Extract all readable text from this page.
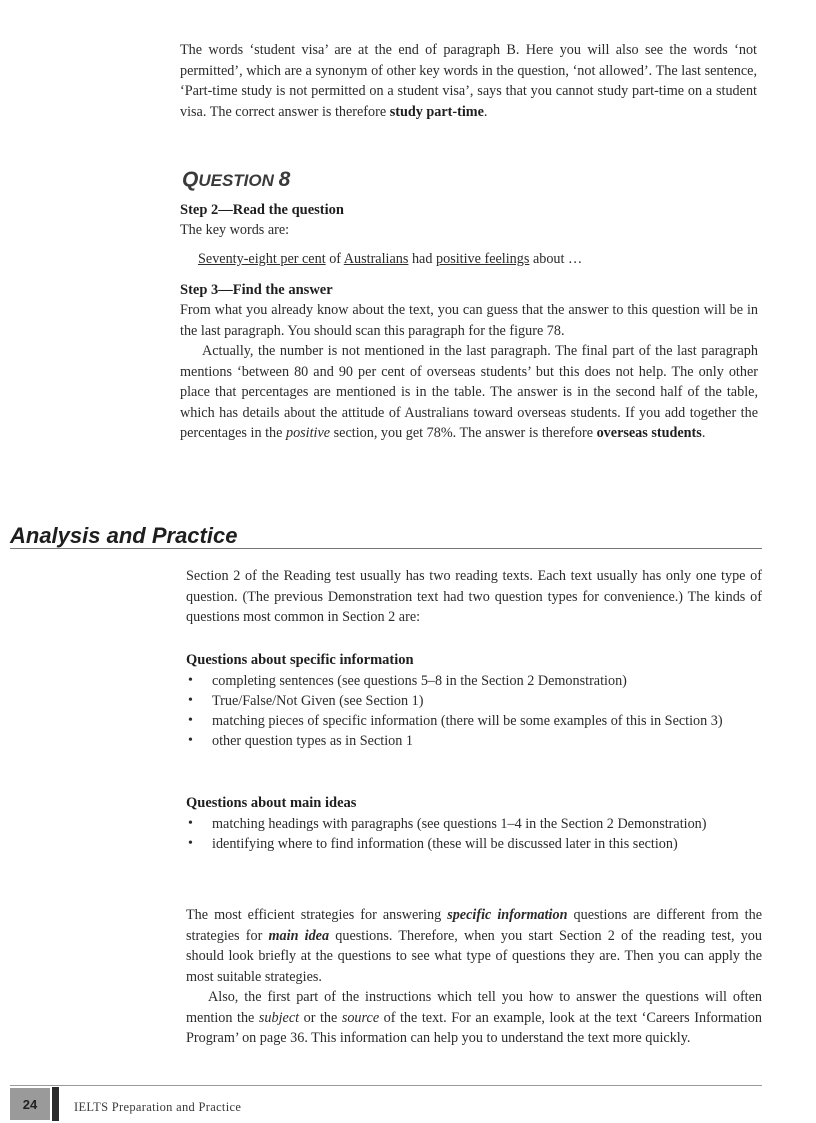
The words ‘student visa’ are at the end of paragraph B. Here you will also see the words ‘not permitted’, which are a synonym of other key words in the question, ‘not allowed’. The last sentence, ‘Part-time study is not permitted on a student visa’, says that you cannot study part-time on a student visa. The correct answer is therefore study part-time.

QUESTION 8

Step 2—Read the question

The key words are:

Seventy-eight per cent of Australians had positive feelings about …

Step 3—Find the answer

From what you already know about the text, you can guess that the answer to this question will be in the last paragraph. You should scan this paragraph for the figure 78.

Actually, the number is not mentioned in the last paragraph. The final part of the last paragraph mentions ‘between 80 and 90 per cent of overseas students’ but this does not help. The only other place that percentages are mentioned is in the table. The answer is in the second half of the table, which has details about the attitude of Australians toward overseas students. If you add together the percentages in the positive section, you get 78%. The answer is therefore overseas students.

Analysis and Practice

Section 2 of the Reading test usually has two reading texts. Each text usually has only one type of question. (The previous Demonstration text had two question types for convenience.) The kinds of questions most common in Section 2 are:

Questions about specific information

• completing sentences (see questions 5–8 in the Section 2 Demonstration)
• True/False/Not Given (see Section 1)
• matching pieces of specific information (there will be some examples of this in Section 3)
• other question types as in Section 1

Questions about main ideas

• matching headings with paragraphs (see questions 1–4 in the Section 2 Demonstration)
• identifying where to find information (these will be discussed later in this section)

The most efficient strategies for answering specific information questions are different from the strategies for main idea questions. Therefore, when you start Section 2 of the reading test, you should look briefly at the questions to see what type of questions they are. Then you can apply the most suitable strategies.

Also, the first part of the instructions which tell you how to answer the questions will often mention the subject or the source of the text. For an example, look at the text ‘Careers Information Program’ on page 36. This information can help you to understand the text more quickly.

24	IELTS Preparation and Practice
